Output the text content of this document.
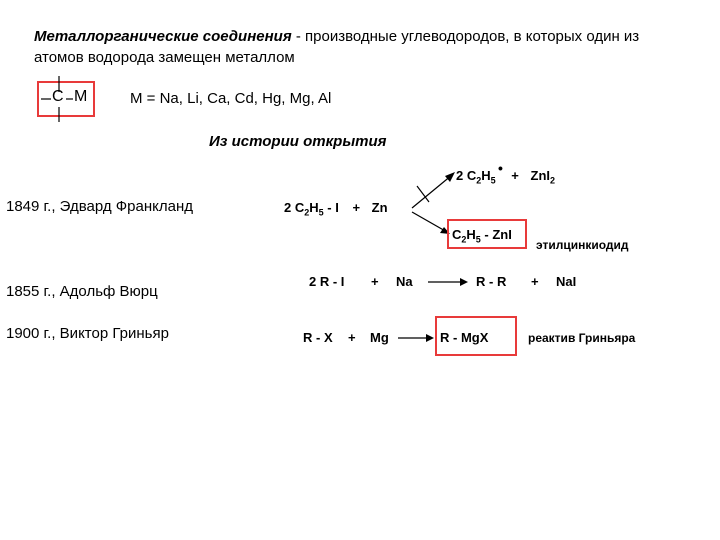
Металлорганические соединения - производные углеводородов, в которых один из атомов водорода замещен металлом
C M	M = Na, Li, Ca, Cd, Hg, Mg, Al
Из истории открытия
1849 г., Эдвард Франкланд
1855 г., Адольф Вюрц
1900 г., Виктор Гриньяр
2 $C_2H_5 - I + Zn$
2 $C_2H_5 + ZnI_2$
•
$C_2H_5$ - ZnI
этилцинкиодид
2 R - I + Na	R - R + NaI
R - X + Mg	R - MgX	реактив Гриньяра
